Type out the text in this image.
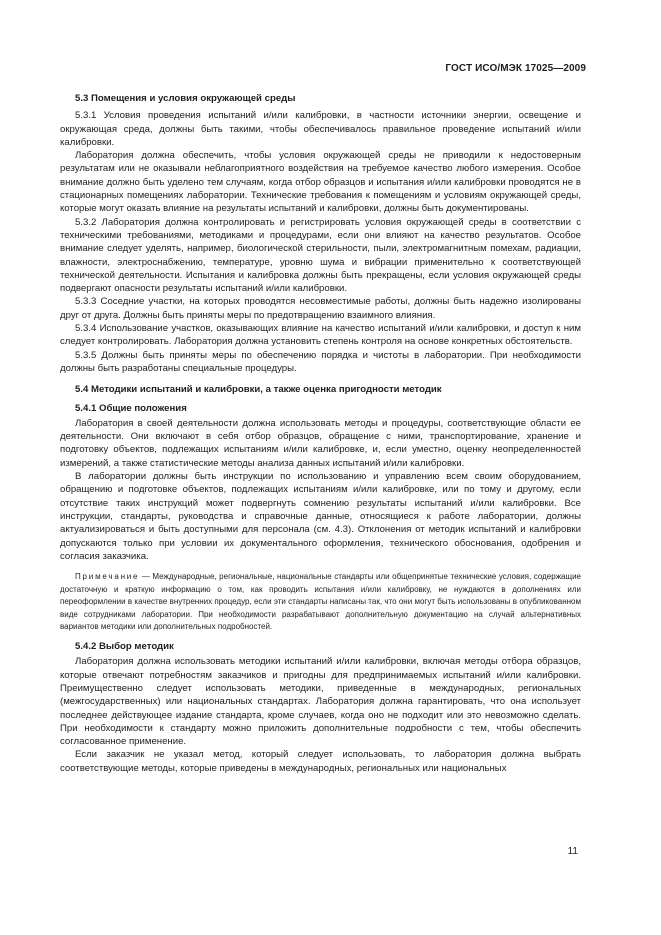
ГОСТ ИСО/МЭК 17025—2009
5.3 Помещения и условия окружающей среды

5.3.1 Условия проведения испытаний и/или калибровки, в частности источники энергии, освещение и окружающая среда, должны быть такими, чтобы обеспечивалось правильное проведение испытаний и/или калибровки.

Лаборатория должна обеспечить, чтобы условия окружающей среды не приводили к недостоверным результатам или не оказывали неблагоприятного воздействия на требуемое качество любого измерения. Особое внимание должно быть уделено тем случаям, когда отбор образцов и испытания и/или калибровки проводятся не в стационарных помещениях лаборатории. Технические требования к помещениям и условиям окружающей среды, которые могут оказать влияние на результаты испытаний и калибровки, должны быть документированы.

5.3.2 Лаборатория должна контролировать и регистрировать условия окружающей среды в соответствии с техническими требованиями, методиками и процедурами, если они влияют на качество результатов. Особое внимание следует уделять, например, биологической стерильности, пыли, электромагнитным помехам, радиации, влажности, электроснабжению, температуре, уровню шума и вибрации применительно к соответствующей технической деятельности. Испытания и калибровка должны быть прекращены, если условия окружающей среды подвергают опасности результаты испытаний и/или калибровки.

5.3.3 Соседние участки, на которых проводятся несовместимые работы, должны быть надежно изолированы друг от друга. Должны быть приняты меры по предотвращению взаимного влияния.

5.3.4 Использование участков, оказывающих влияние на качество испытаний и/или калибровки, и доступ к ним следует контролировать. Лаборатория должна установить степень контроля на основе конкретных обстоятельств.

5.3.5 Должны быть приняты меры по обеспечению порядка и чистоты в лаборатории. При необходимости должны быть разработаны специальные процедуры.

5.4 Методики испытаний и калибровки, а также оценка пригодности методик
5.4.1 Общие положения

Лаборатория в своей деятельности должна использовать методы и процедуры, соответствующие области ее деятельности. Они включают в себя отбор образцов, обращение с ними, транспортирование, хранение и подготовку объектов, подлежащих испытаниям и/или калибровке, и, если уместно, оценку неопределенностей измерений, а также статистические методы анализа данных испытаний и/или калибровки.

В лаборатории должны быть инструкции по использованию и управлению всем своим оборудованием, обращению и подготовке объектов, подлежащих испытаниям и/или калибровке, или по тому и другому, если отсутствие таких инструкций может подвергнуть сомнению результаты испытаний и/или калибровки. Все инструкции, стандарты, руководства и справочные данные, относящиеся к работе лаборатории, должны актуализироваться и быть доступными для персонала (см. 4.3). Отклонения от методик испытаний и калибровки допускаются только при условии их документального оформления, технического обоснования, одобрения и согласия заказчика.

Примечание — Международные, региональные, национальные стандарты или общепринятые технические условия, содержащие достаточную и краткую информацию о том, как проводить испытания и/или калибровку, не нуждаются в дополнениях или переоформлении в качестве внутренних процедур, если эти стандарты написаны так, что они могут быть использованы в опубликованном виде сотрудниками лаборатории. При необходимости разрабатывают дополнительную документацию на случай альтернативных вариантов методики или дополнительных подробностей.
5.4.2 Выбор методик

Лаборатория должна использовать методики испытаний и/или калибровки, включая методы отбора образцов, которые отвечают потребностям заказчиков и пригодны для предпринимаемых испытаний и/или калибровки. Преимущественно следует использовать методики, приведенные в международных, региональных (межгосударственных) или национальных стандартах. Лаборатория должна гарантировать, что она использует последнее действующее издание стандарта, кроме случаев, когда оно не подходит или это невозможно сделать. При необходимости к стандарту можно приложить дополнительные подробности с тем, чтобы обеспечить согласованное применение.

Если заказчик не указал метод, который следует использовать, то лаборатория должна выбрать соответствующие методы, которые приведены в международных, региональных или национальных

11
